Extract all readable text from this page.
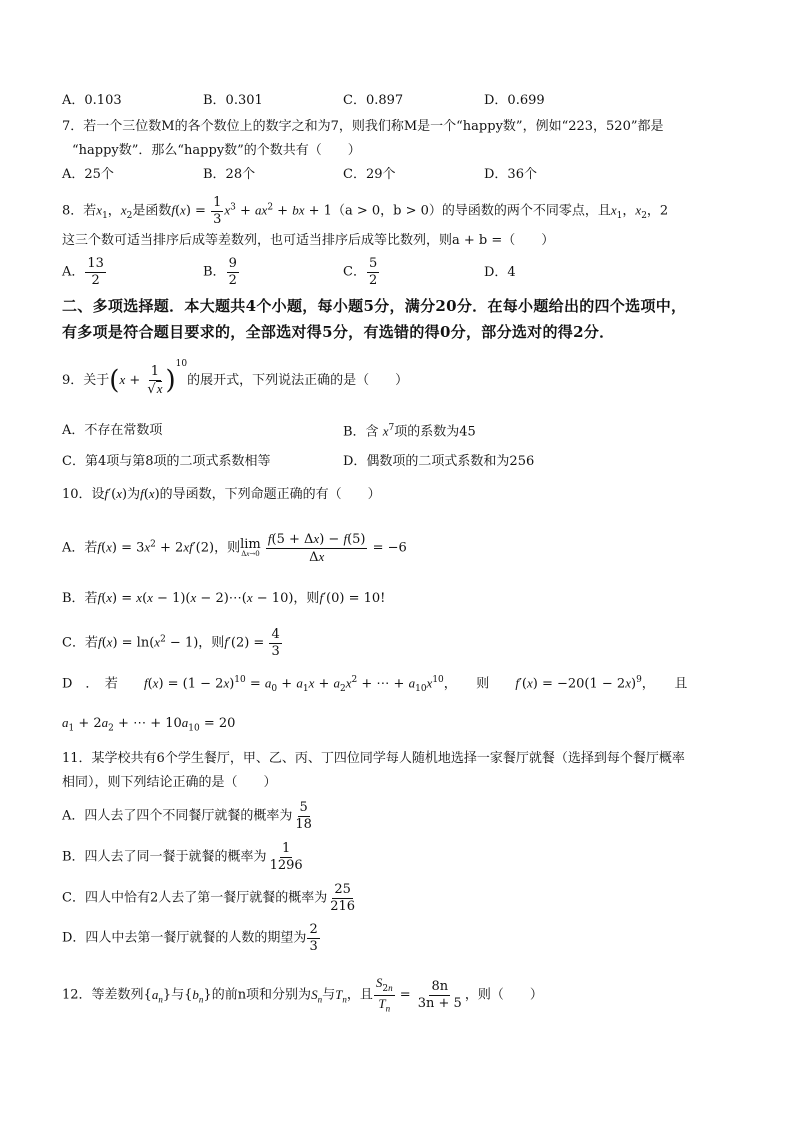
A．0.103	B．0.301	C．0.897	D．0.699
7．若一个三位数M的各个数位上的数字之和为7，则我们称M是一个“happy数”，例如“223，520”都是
“happy数”．那么“happy数”的个数共有（　　）
A．25个	B．28个	C．29个	D．36个
8．若$x_1$，$x_2$是函数$f(x) = \frac{1}{3} x^3 + ax^2$ + bx + 1（a > 0，b > 0）的导函数的两个不同零点，且$x_1$，$x_2$，2
这三个数可适当排序后成等差数列，也可适当排序后成等比数列，则a + b =（　　）
A． $\frac{13}{2}$	B． $\frac{9}{2}$	C． $\frac{5}{2}$	D．4
二、多项选择题．本大题共4个小题，每小题5分，满分20分．在每小题给出的四个选项中，
有多项是符合题目要求的，全部选对得5分，有选错的得0分，部分选对的得2分．
9．关于$(x + \frac{1}{√x} )^{10}$的展开式，下列说法正确的是（　　）
A．不存在常数项	B．含 $x^7$项的系数为45
C．第4项与第8项的二项式系数相等	D．偶数项的二项式系数和为256
10．设f′(x)为f(x)的导函数，下列命题正确的有（　　）
A．若$f(x) = 3x^2 + 2xf'(2)$，则 lim
Δx→0
$\frac{f(5 + \Delta x) - f(5)}{\Delta x} = -6$
B．若f(x) = x(x − 1)(x − 2)⋯(x − 10)，则f′(0) = 10!
C．若$f(x) = \ln(x^2 - 1)$，则$f'(2) = \frac{4}{3}$
D　．　若　　 $f(x) = (1 - 2x)^{10} = a_0 + a_1x + a_2x^2$ + ⋯ + $a_{10}x^{10}$，　　则　　 $f'(x) = -20(1 - 2x)^9$，　　且
$a_1 + 2a_2$ + ⋯ + $10a_{10} = 20$
11．某学校共有6个学生餐厅，甲、乙、丙、丁四位同学每人随机地选择一家餐厅就餐（选择到每个餐厅概率
相同），则下列结论正确的是（　　）
A．四人去了四个不同餐厅就餐的概率为 $\frac{5}{18}$
B．四人去了同一餐于就餐的概率为 $\frac{1}{1296}$
C．四人中恰有2人去了第一餐厅就餐的概率为 $\frac{25}{216}$
D．四人中去第一餐厅就餐的人数的期望为 $\frac{2}{3}$
12．等差数列$\{a_n\}$与$\{b_n\}$的前n项和分别为$S_n$与$T_n$，且 $\frac{S_{2n}}{T_n} = \frac{8n}{3n + 5}$ ，则（　　）
